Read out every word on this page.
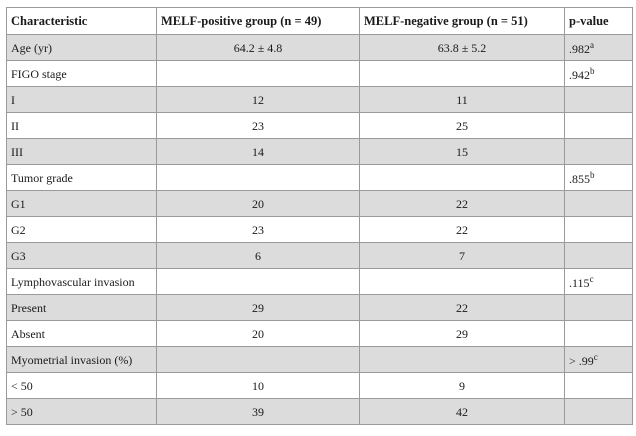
Characteristic	MELF-positive group (n = 49)	MELF-negative group (n = 51)	p-value
Age (yr)	64.2 ± 4.8	63.8 ± 5.2	.982$^a$
FIGO stage			.942$^b$
I	12	11	
II	23	25	
III	14	15	
Tumor grade			.855$^b$
G1	20	22	
G2	23	22	
G3	6	7	
Lymphovascular invasion			.115$^c$
Present	29	22	
Absent	20	29	
Myometrial invasion (%)			> .99$^c$
< 50	10	9	
> 50	39	42	
